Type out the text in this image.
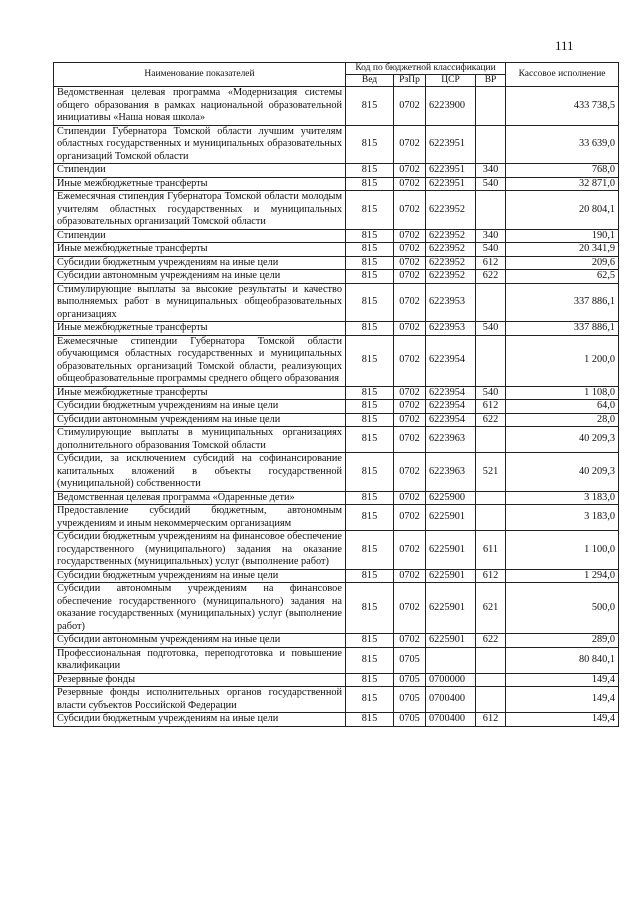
111
Наименование показателей	Код по бюджетной классификации				Кассовое исполнение
	Вед	РзПр	ЦСР	ВР	
Ведомственная целевая программа «Модернизация системы общего образования в рамках национальной образовательной инициативы «Наша новая школа»	815	0702	6223900		433 738,5
Стипендии Губернатора Томской области лучшим учителям областных государственных и муниципальных образовательных организаций Томской области	815	0702	6223951		33 639,0
Стипендии	815	0702	6223951	340	768,0
Иные межбюджетные трансферты	815	0702	6223951	540	32 871,0
Ежемесячная стипендия Губернатора Томской области молодым учителям областных государственных и муниципальных образовательных организаций Томской области	815	0702	6223952		20 804,1
Стипендии	815	0702	6223952	340	190,1
Иные межбюджетные трансферты	815	0702	6223952	540	20 341,9
Субсидии бюджетным учреждениям на иные цели	815	0702	6223952	612	209,6
Субсидии автономным учреждениям на иные цели	815	0702	6223952	622	62,5
Стимулирующие выплаты за высокие результаты и качество выполняемых работ в муниципальных общеобразовательных организациях	815	0702	6223953		337 886,1
Иные межбюджетные трансферты	815	0702	6223953	540	337 886,1
Ежемесячные стипендии Губернатора Томской области обучающимся областных государственных и муниципальных образовательных организаций Томской области, реализующих общеобразовательные программы среднего общего образования	815	0702	6223954		1 200,0
Иные межбюджетные трансферты	815	0702	6223954	540	1 108,0
Субсидии бюджетным учреждениям на иные цели	815	0702	6223954	612	64,0
Субсидии автономным учреждениям на иные цели	815	0702	6223954	622	28,0
Стимулирующие выплаты в муниципальных организациях дополнительного образования Томской области	815	0702	6223963		40 209,3
Субсидии, за исключением субсидий на софинансирование капитальных вложений в объекты государственной (муниципальной) собственности	815	0702	6223963	521	40 209,3
Ведомственная целевая программа «Одаренные дети»	815	0702	6225900		3 183,0
Предоставление субсидий бюджетным, автономным учреждениям и иным некоммерческим организациям	815	0702	6225901		3 183,0
Субсидии бюджетным учреждениям на финансовое обеспечение государственного (муниципального) задания на оказание государственных (муниципальных) услуг (выполнение работ)	815	0702	6225901	611	1 100,0
Субсидии бюджетным учреждениям на иные цели	815	0702	6225901	612	1 294,0
Субсидии автономным учреждениям на финансовое обеспечение государственного (муниципального) задания на оказание государственных (муниципальных) услуг (выполнение работ)	815	0702	6225901	621	500,0
Субсидии автономным учреждениям на иные цели	815	0702	6225901	622	289,0
Профессиональная подготовка, переподготовка и повышение квалификации	815	0705			80 840,1
Резервные фонды	815	0705	0700000		149,4
Резервные фонды исполнительных органов государственной власти субъектов Российской Федерации	815	0705	0700400		149,4
Субсидии бюджетным учреждениям на иные цели	815	0705	0700400	612	149,4
